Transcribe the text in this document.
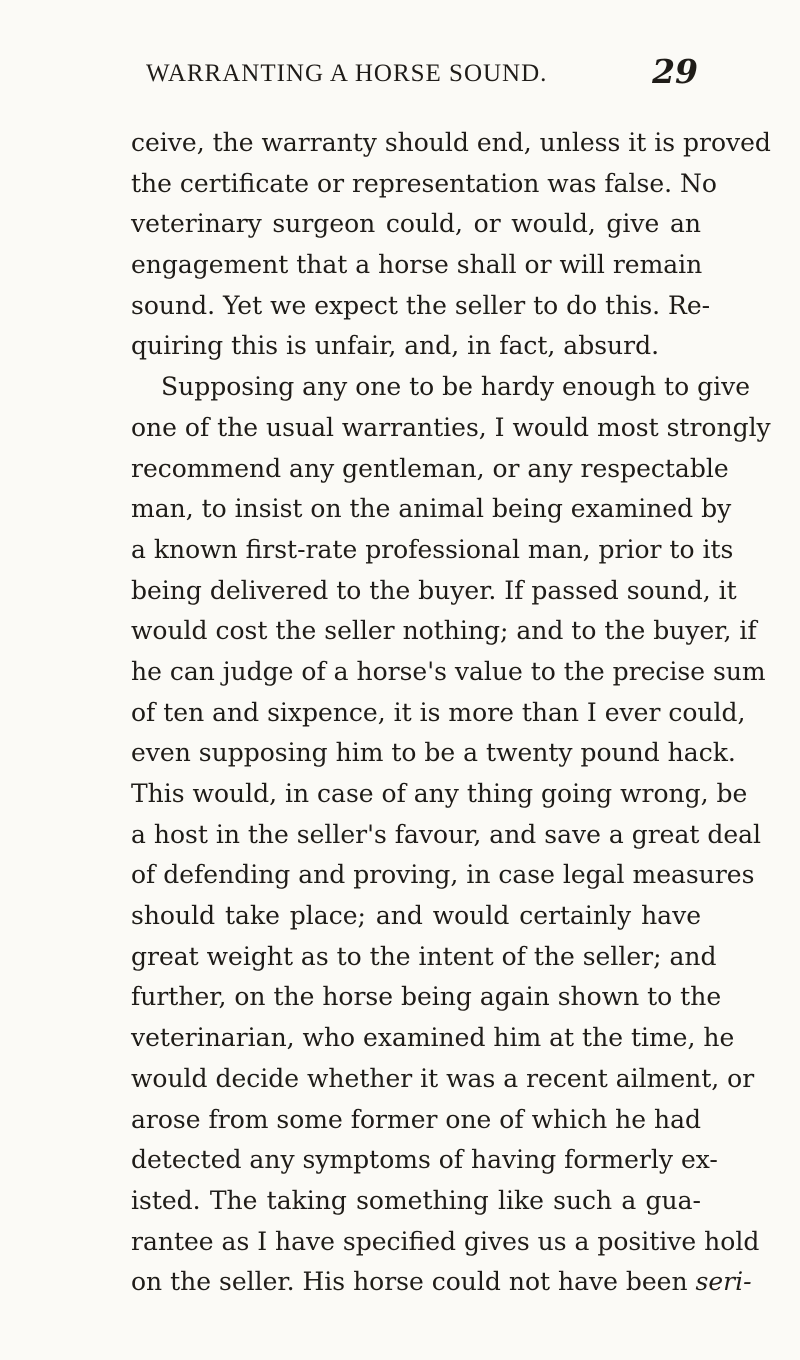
WARRANTING A HORSE SOUND.	29
ceive, the warranty should end, unless it is proved
the certificate or representation was false. No
veterinary surgeon could, or would, give an
engagement that a horse shall or will remain
sound. Yet we expect the seller to do this. Re-
quiring this is unfair, and, in fact, absurd.
Supposing any one to be hardy enough to give
one of the usual warranties, I would most strongly
recommend any gentleman, or any respectable
man, to insist on the animal being examined by
a known first-rate professional man, prior to its
being delivered to the buyer. If passed sound, it
would cost the seller nothing; and to the buyer, if
he can judge of a horse's value to the precise sum
of ten and sixpence, it is more than I ever could,
even supposing him to be a twenty pound hack.
This would, in case of any thing going wrong, be
a host in the seller's favour, and save a great deal
of defending and proving, in case legal measures
should take place; and would certainly have
great weight as to the intent of the seller; and
further, on the horse being again shown to the
veterinarian, who examined him at the time, he
would decide whether it was a recent ailment, or
arose from some former one of which he had
detected any symptoms of having formerly ex-
isted. The taking something like such a gua-
rantee as I have specified gives us a positive hold
on the seller. His horse could not have been seri-
